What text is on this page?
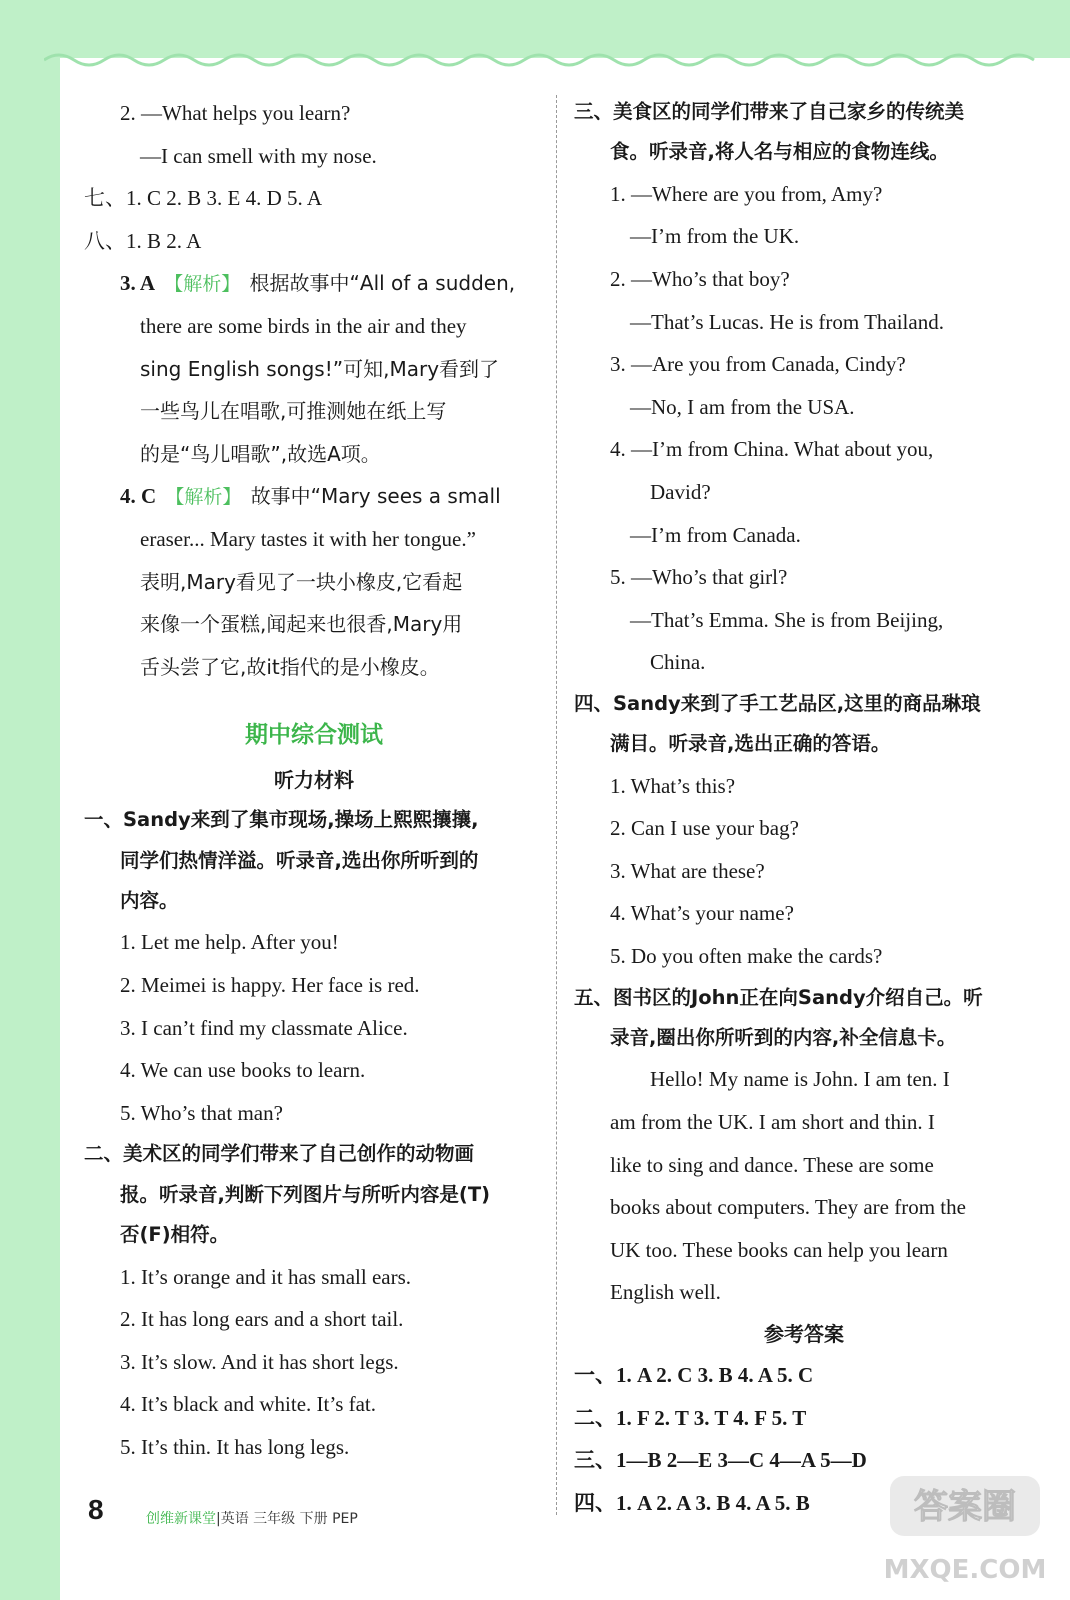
2. —What helps you learn?
—I can smell with my nose.
七、1. C 2. B 3. E 4. D 5. A
八、1. B 2. A
3. A 【解析】 根据故事中“All of a sudden,
there are some birds in the air and they
sing English songs!”可知,Mary看到了
一些鸟儿在唱歌,可推测她在纸上写
的是“鸟儿唱歌”,故选A项。
4. C 【解析】 故事中“Mary sees a small
eraser... Mary tastes it with her tongue.”
表明,Mary看见了一块小橡皮,它看起
来像一个蛋糕,闻起来也很香,Mary用
舌头尝了它,故it指代的是小橡皮。
期中综合测试
听力材料
一、Sandy来到了集市现场,操场上熙熙攘攘,
同学们热情洋溢。听录音,选出你所听到的
内容。
1. Let me help. After you!
2. Meimei is happy. Her face is red.
3. I can’t find my classmate Alice.
4. We can use books to learn.
5. Who’s that man?
二、美术区的同学们带来了自己创作的动物画
报。听录音,判断下列图片与所听内容是(T)
否(F)相符。
1. It’s orange and it has small ears.
2. It has long ears and a short tail.
3. It’s slow. And it has short legs.
4. It’s black and white. It’s fat.
5. It’s thin. It has long legs.
三、美食区的同学们带来了自己家乡的传统美
食。听录音,将人名与相应的食物连线。
1. —Where are you from, Amy?
—I’m from the UK.
2. —Who’s that boy?
—That’s Lucas. He is from Thailand.
3. —Are you from Canada, Cindy?
—No, I am from the USA.
4. —I’m from China. What about you,
David?
—I’m from Canada.
5. —Who’s that girl?
—That’s Emma. She is from Beijing,
China.
四、Sandy来到了手工艺品区,这里的商品琳琅
满目。听录音,选出正确的答语。
1. What’s this?
2. Can I use your bag?
3. What are these?
4. What’s your name?
5. Do you often make the cards?
五、图书区的John正在向Sandy介绍自己。听
录音,圈出你所听到的内容,补全信息卡。
Hello! My name is John. I am ten. I
am from the UK. I am short and thin. I
like to sing and dance. These are some
books about computers. They are from the
UK too. These books can help you learn
English well.
参考答案
一、1. A 2. C 3. B 4. A 5. C
二、1. F 2. T 3. T 4. F 5. T
三、1—B 2—E 3—C 4—A 5—D
四、1. A 2. A 3. B 4. A 5. B
8	创维新课堂|英语 三年级 下册 PEP	答案圈
MXQE.COM
